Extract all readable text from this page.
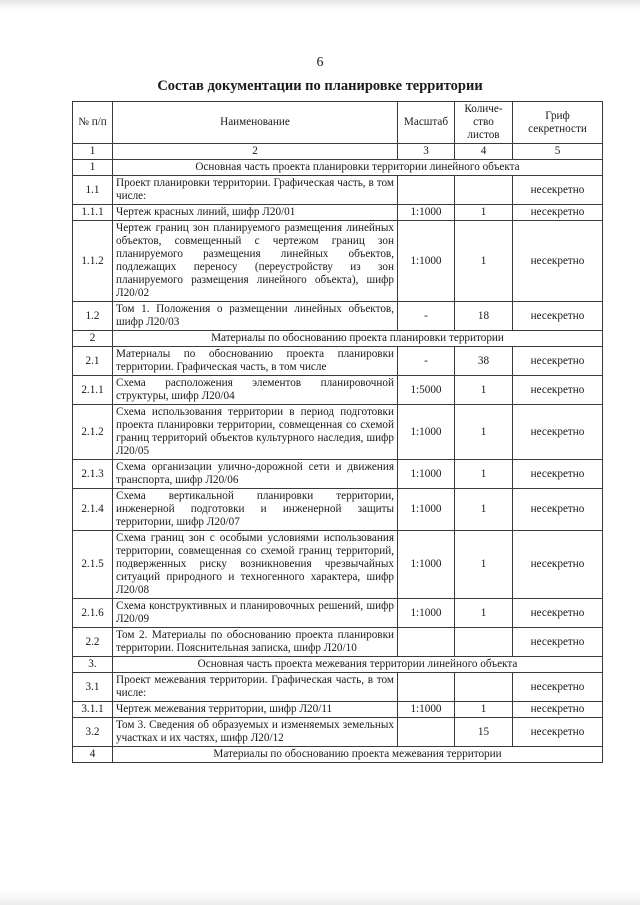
6
Состав документации по планировке территории
№ п/п	Наименование	Масштаб	Количе-ство листов	Гриф секретности
1	2	3	4	5
1	Основная часть проекта планировки территории линейного объекта			
1.1	Проект планировки территории. Графическая часть, в том числе:			несекретно
1.1.1	Чертеж красных линий, шифр Л20/01	1:1000	1	несекретно
1.1.2	Чертеж границ зон планируемого размещения линейных объектов, совмещенный с чертежом границ зон планируемого размещения линейных объектов, подлежащих переносу (переустройству из зон планируемого размещения линейного объекта), шифр Л20/02	1:1000	1	несекретно
1.2	Том 1. Положения о размещении линейных объектов, шифр Л20/03	-	18	несекретно
2	Материалы по обоснованию проекта планировки территории			
2.1	Материалы по обоснованию проекта планировки территории. Графическая часть, в том числе	-	38	несекретно
2.1.1	Схема расположения элементов планировочной структуры, шифр Л20/04	1:5000	1	несекретно
2.1.2	Схема использования территории в период подготовки проекта планировки территории, совмещенная со схемой границ территорий объектов культурного наследия, шифр Л20/05	1:1000	1	несекретно
2.1.3	Схема организации улично-дорожной сети и движения транспорта, шифр Л20/06	1:1000	1	несекретно
2.1.4	Схема вертикальной планировки территории, инженерной подготовки и инженерной защиты территории, шифр Л20/07	1:1000	1	несекретно
2.1.5	Схема границ зон с особыми условиями использования территории, совмещенная со схемой границ территорий, подверженных риску возникновения чрезвычайных ситуаций природного и техногенного характера, шифр Л20/08	1:1000	1	несекретно
2.1.6	Схема конструктивных и планировочных решений, шифр Л20/09	1:1000	1	несекретно
2.2	Том 2. Материалы по обоснованию проекта планировки территории. Пояснительная записка, шифр Л20/10			несекретно
3.	Основная часть проекта межевания территории линейного объекта			
3.1	Проект межевания территории. Графическая часть, в том числе:			несекретно
3.1.1	Чертеж межевания территории, шифр Л20/11	1:1000	1	несекретно
3.2	Том 3. Сведения об образуемых и изменяемых земельных участках и их частях, шифр Л20/12		15	несекретно
4	Материалы по обоснованию проекта межевания территории			
